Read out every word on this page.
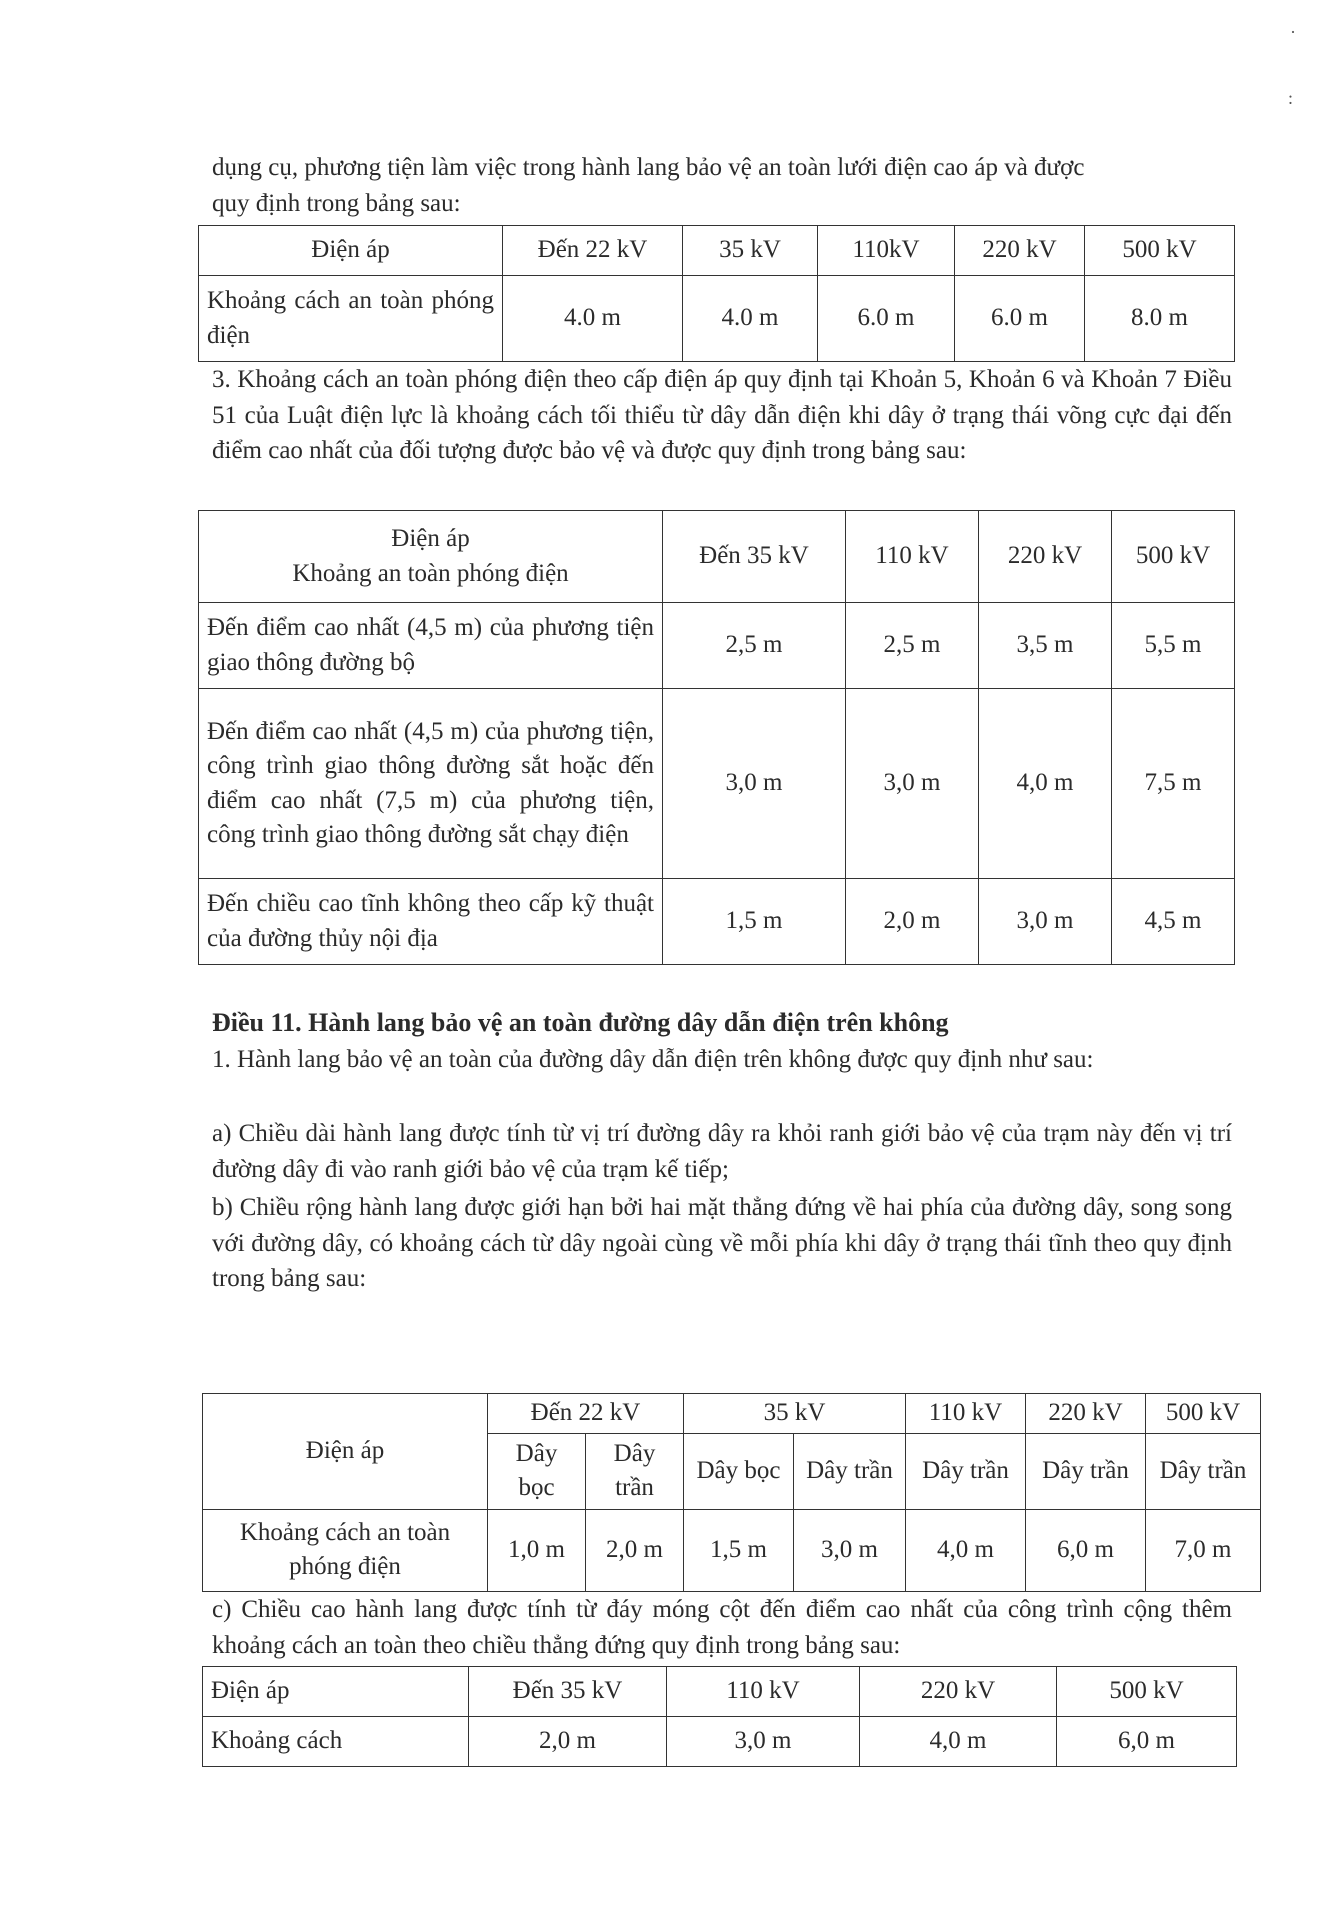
·
:

dụng cụ, phương tiện làm việc trong hành lang bảo vệ an toàn lưới điện cao áp và được
quy định trong bảng sau:

Điện áp	Đến 22 kV	35 kV	110kV	220 kV	500 kV
Khoảng cách an toàn phóng điện	4.0 m	4.0 m	6.0 m	6.0 m	8.0 m

3. Khoảng cách an toàn phóng điện theo cấp điện áp quy định tại Khoản 5, Khoản 6 và Khoản 7 Điều 51 của Luật điện lực là khoảng cách tối thiểu từ dây dẫn điện khi dây ở trạng thái võng cực đại đến điểm cao nhất của đối tượng được bảo vệ và được quy định trong bảng sau:

Điện áp
Khoảng an toàn phóng điện	Đến 35 kV	110 kV	220 kV	500 kV
Đến điểm cao nhất (4,5 m) của phương tiện giao thông đường bộ	2,5 m	2,5 m	3,5 m	5,5 m
Đến điểm cao nhất (4,5 m) của phương tiện, công trình giao thông đường sắt hoặc đến điểm cao nhất (7,5 m) của phương tiện, công trình giao thông đường sắt chạy điện	3,0 m	3,0 m	4,0 m	7,5 m
Đến chiều cao tĩnh không theo cấp kỹ thuật của đường thủy nội địa	1,5 m	2,0 m	3,0 m	4,5 m

Điều 11. Hành lang bảo vệ an toàn đường dây dẫn điện trên không

1. Hành lang bảo vệ an toàn của đường dây dẫn điện trên không được quy định như sau:

a) Chiều dài hành lang được tính từ vị trí đường dây ra khỏi ranh giới bảo vệ của trạm này đến vị trí đường dây đi vào ranh giới bảo vệ của trạm kế tiếp;

b) Chiều rộng hành lang được giới hạn bởi hai mặt thẳng đứng về hai phía của đường dây, song song với đường dây, có khoảng cách từ dây ngoài cùng về mỗi phía khi dây ở trạng thái tĩnh theo quy định trong bảng sau:

Điện áp	Đến 22 kV		35 kV		110 kV	220 kV	500 kV
	Dây bọc	Dây trần	Dây bọc	Dây trần	Dây trần	Dây trần	Dây trần
Khoảng cách an toàn phóng điện	1,0 m	2,0 m	1,5 m	3,0 m	4,0 m	6,0 m	7,0 m

c) Chiều cao hành lang được tính từ đáy móng cột đến điểm cao nhất của công trình cộng thêm khoảng cách an toàn theo chiều thẳng đứng quy định trong bảng sau:

Điện áp	Đến 35 kV	110 kV	220 kV	500 kV
Khoảng cách	2,0 m	3,0 m	4,0 m	6,0 m
